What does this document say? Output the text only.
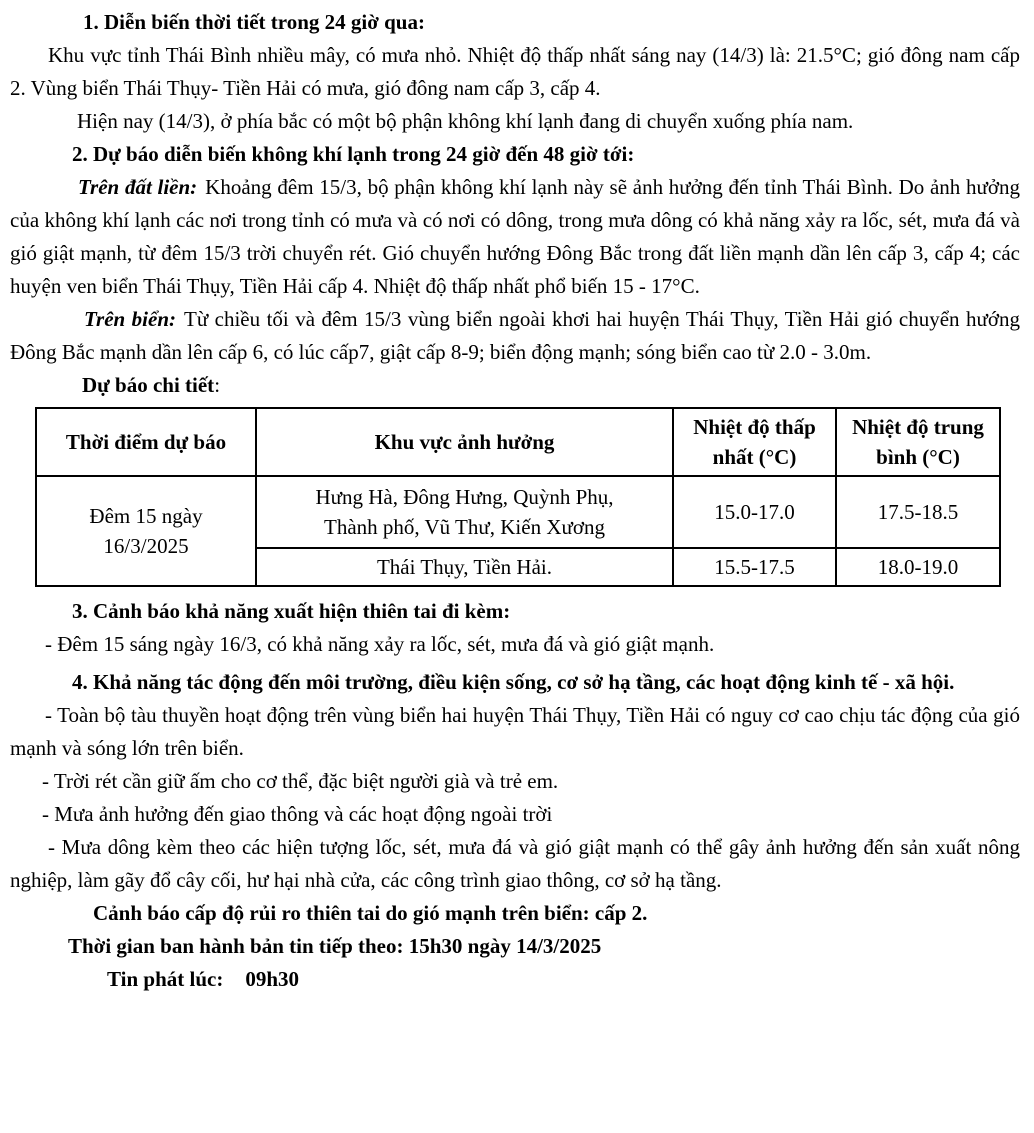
1. Diễn biến thời tiết trong 24 giờ qua:

Khu vực tỉnh Thái Bình nhiều mây, có mưa nhỏ. Nhiệt độ thấp nhất sáng nay (14/3) là: 21.5°C; gió đông nam cấp 2. Vùng biển Thái Thụy- Tiền Hải có mưa, gió đông nam cấp 3, cấp 4.

Hiện nay (14/3), ở phía bắc có một bộ phận không khí lạnh đang di chuyển xuống phía nam.

2. Dự báo diễn biến không khí lạnh trong 24 giờ đến 48 giờ tới:

Trên đất liền: Khoảng đêm 15/3, bộ phận không khí lạnh này sẽ ảnh hưởng đến tỉnh Thái Bình. Do ảnh hưởng của không khí lạnh các nơi trong tỉnh có mưa và có nơi có dông, trong mưa dông có khả năng xảy ra lốc, sét, mưa đá và gió giật mạnh, từ đêm 15/3 trời chuyển rét. Gió chuyển hướng Đông Bắc trong đất liền mạnh dần lên cấp 3, cấp 4; các huyện ven biển Thái Thụy, Tiền Hải cấp 4. Nhiệt độ thấp nhất phổ biến 15 - 17°C.

Trên biển: Từ chiều tối và đêm 15/3 vùng biển ngoài khơi hai huyện Thái Thụy, Tiền Hải gió chuyển hướng Đông Bắc mạnh dần lên cấp 6, có lúc cấp7, giật cấp 8-9; biển động mạnh; sóng biển cao từ 2.0 - 3.0m.

Dự báo chi tiết:

Thời điểm dự báo	Khu vực ảnh hưởng	Nhiệt độ thấp nhất (°C)	Nhiệt độ trung bình (°C)
Đêm 15 ngày 16/3/2025	Hưng Hà, Đông Hưng, Quỳnh Phụ, Thành phố, Vũ Thư, Kiến Xương	15.0-17.0	17.5-18.5
	Thái Thụy, Tiền Hải.	15.5-17.5	18.0-19.0

3. Cảnh báo khả năng xuất hiện thiên tai đi kèm:

- Đêm 15 sáng ngày 16/3, có khả năng xảy ra lốc, sét, mưa đá và gió giật mạnh.

4. Khả năng tác động đến môi trường, điều kiện sống, cơ sở hạ tầng, các hoạt động kinh tế - xã hội.

- Toàn bộ tàu thuyền hoạt động trên vùng biển hai huyện Thái Thụy, Tiền Hải có nguy cơ cao chịu tác động của gió mạnh và sóng lớn trên biển.

- Trời rét cần giữ ấm cho cơ thể, đặc biệt người già và trẻ em.

- Mưa ảnh hưởng đến giao thông và các hoạt động ngoài trời

- Mưa dông kèm theo các hiện tượng lốc, sét, mưa đá và gió giật mạnh có thể gây ảnh hưởng đến sản xuất nông nghiệp, làm gãy đổ cây cối, hư hại nhà cửa, các công trình giao thông, cơ sở hạ tầng.

Cảnh báo cấp độ rủi ro thiên tai do gió mạnh trên biển: cấp 2.

Thời gian ban hành bản tin tiếp theo: 15h30 ngày 14/3/2025

Tin phát lúc: 09h30
